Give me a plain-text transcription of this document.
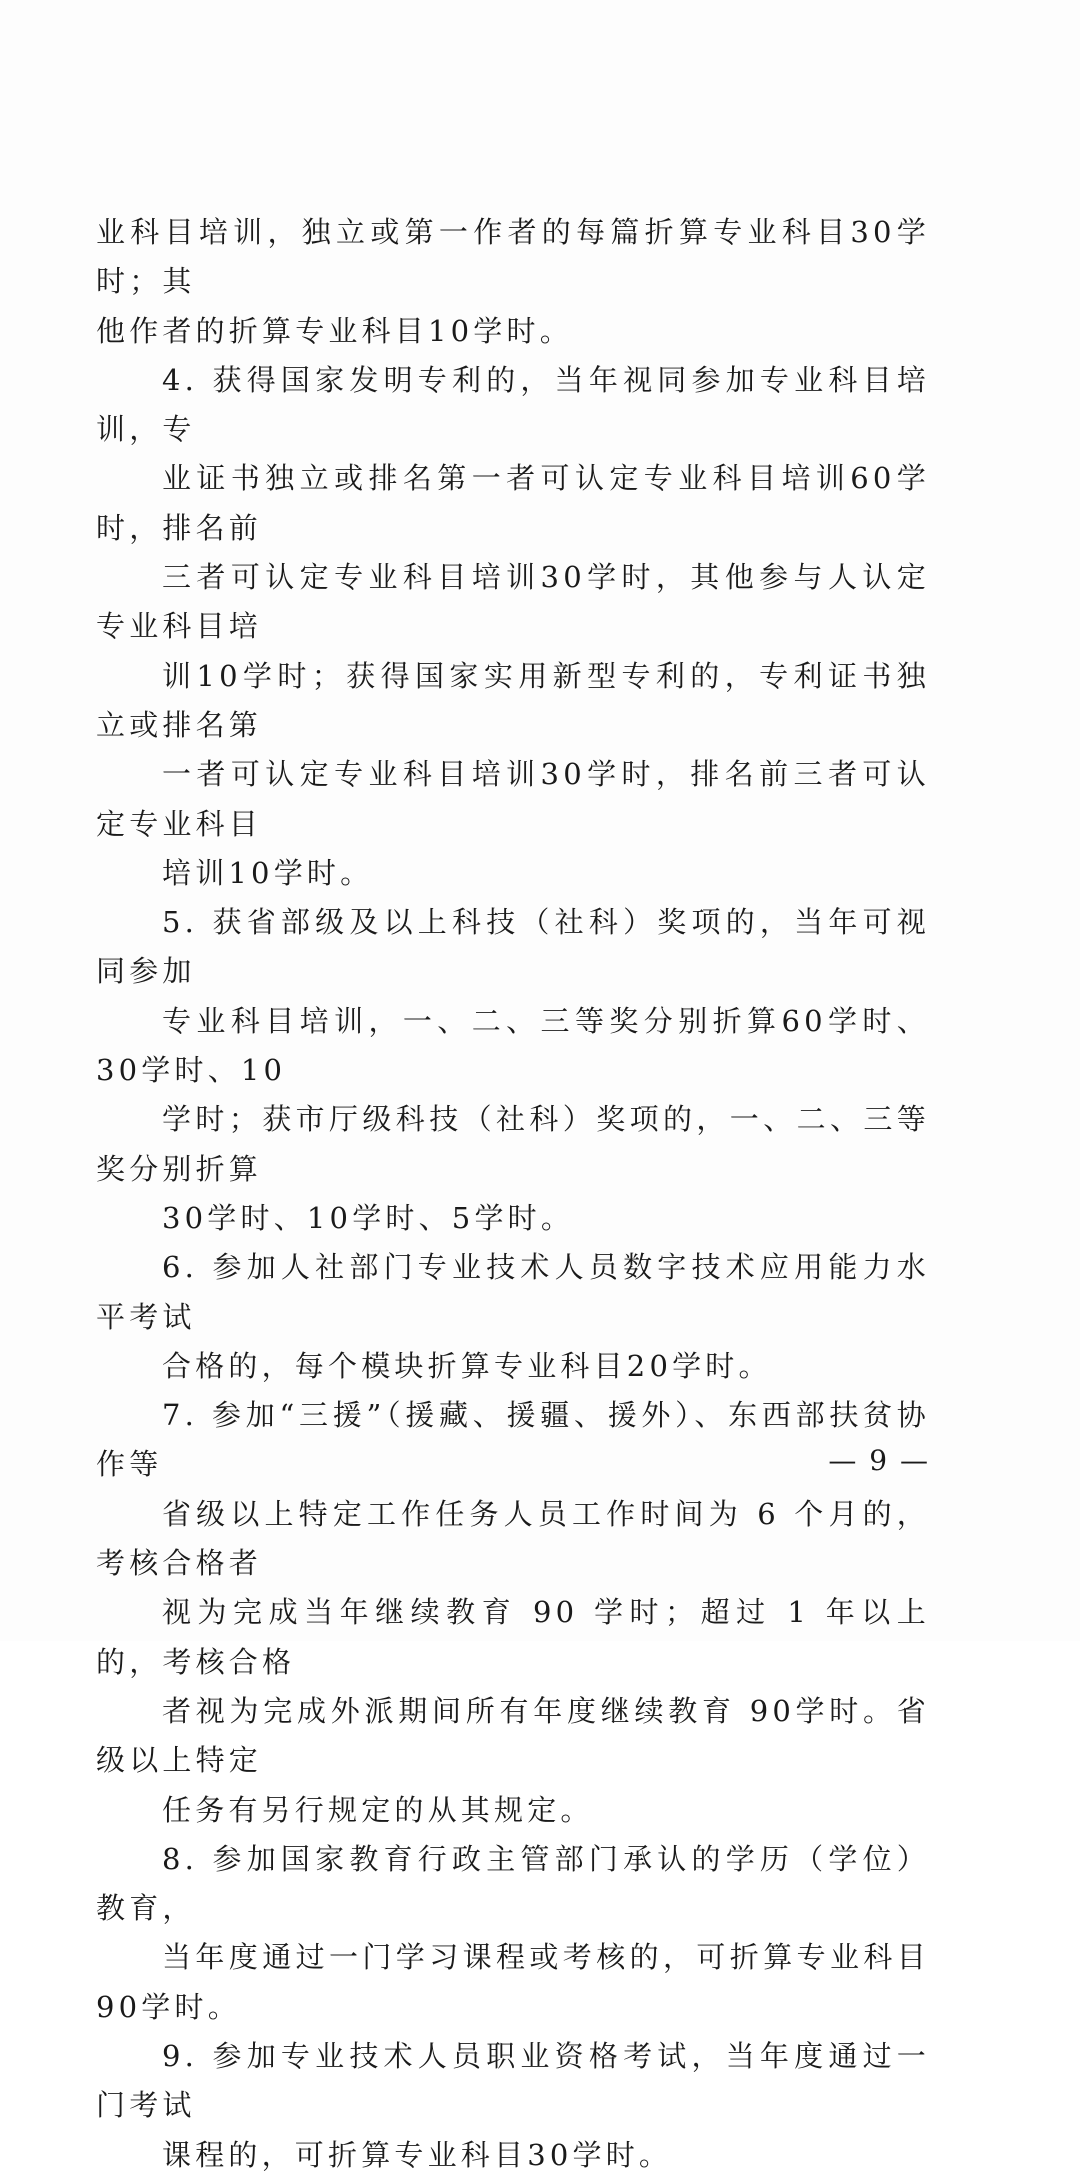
业科目培训，独立或第一作者的每篇折算专业科目30学时；其
他作者的折算专业科目10学时。

4. 获得国家发明专利的，当年视同参加专业科目培训，专
业证书独立或排名第一者可认定专业科目培训60学时，排名前
三者可认定专业科目培训30学时，其他参与人认定专业科目培
训10学时；获得国家实用新型专利的，专利证书独立或排名第
一者可认定专业科目培训30学时，排名前三者可认定专业科目
培训10学时。

5. 获省部级及以上科技（社科）奖项的，当年可视同参加
专业科目培训，一、二、三等奖分别折算60学时、30学时、10
学时；获市厅级科技（社科）奖项的，一、二、三等奖分别折算
30学时、10学时、5学时。

6. 参加人社部门专业技术人员数字技术应用能力水平考试
合格的，每个模块折算专业科目20学时。

7. 参加“三援”（援藏、援疆、援外）、东西部扶贫协作等
省级以上特定工作任务人员工作时间为 6 个月的，考核合格者
视为完成当年继续教育 90 学时；超过 1 年以上的，考核合格
者视为完成外派期间所有年度继续教育 90学时。省级以上特定
任务有另行规定的从其规定。

8. 参加国家教育行政主管部门承认的学历（学位）教育，
当年度通过一门学习课程或考核的，可折算专业科目90学时。

9. 参加专业技术人员职业资格考试，当年度通过一门考试
课程的，可折算专业科目30学时。

— 9 —
